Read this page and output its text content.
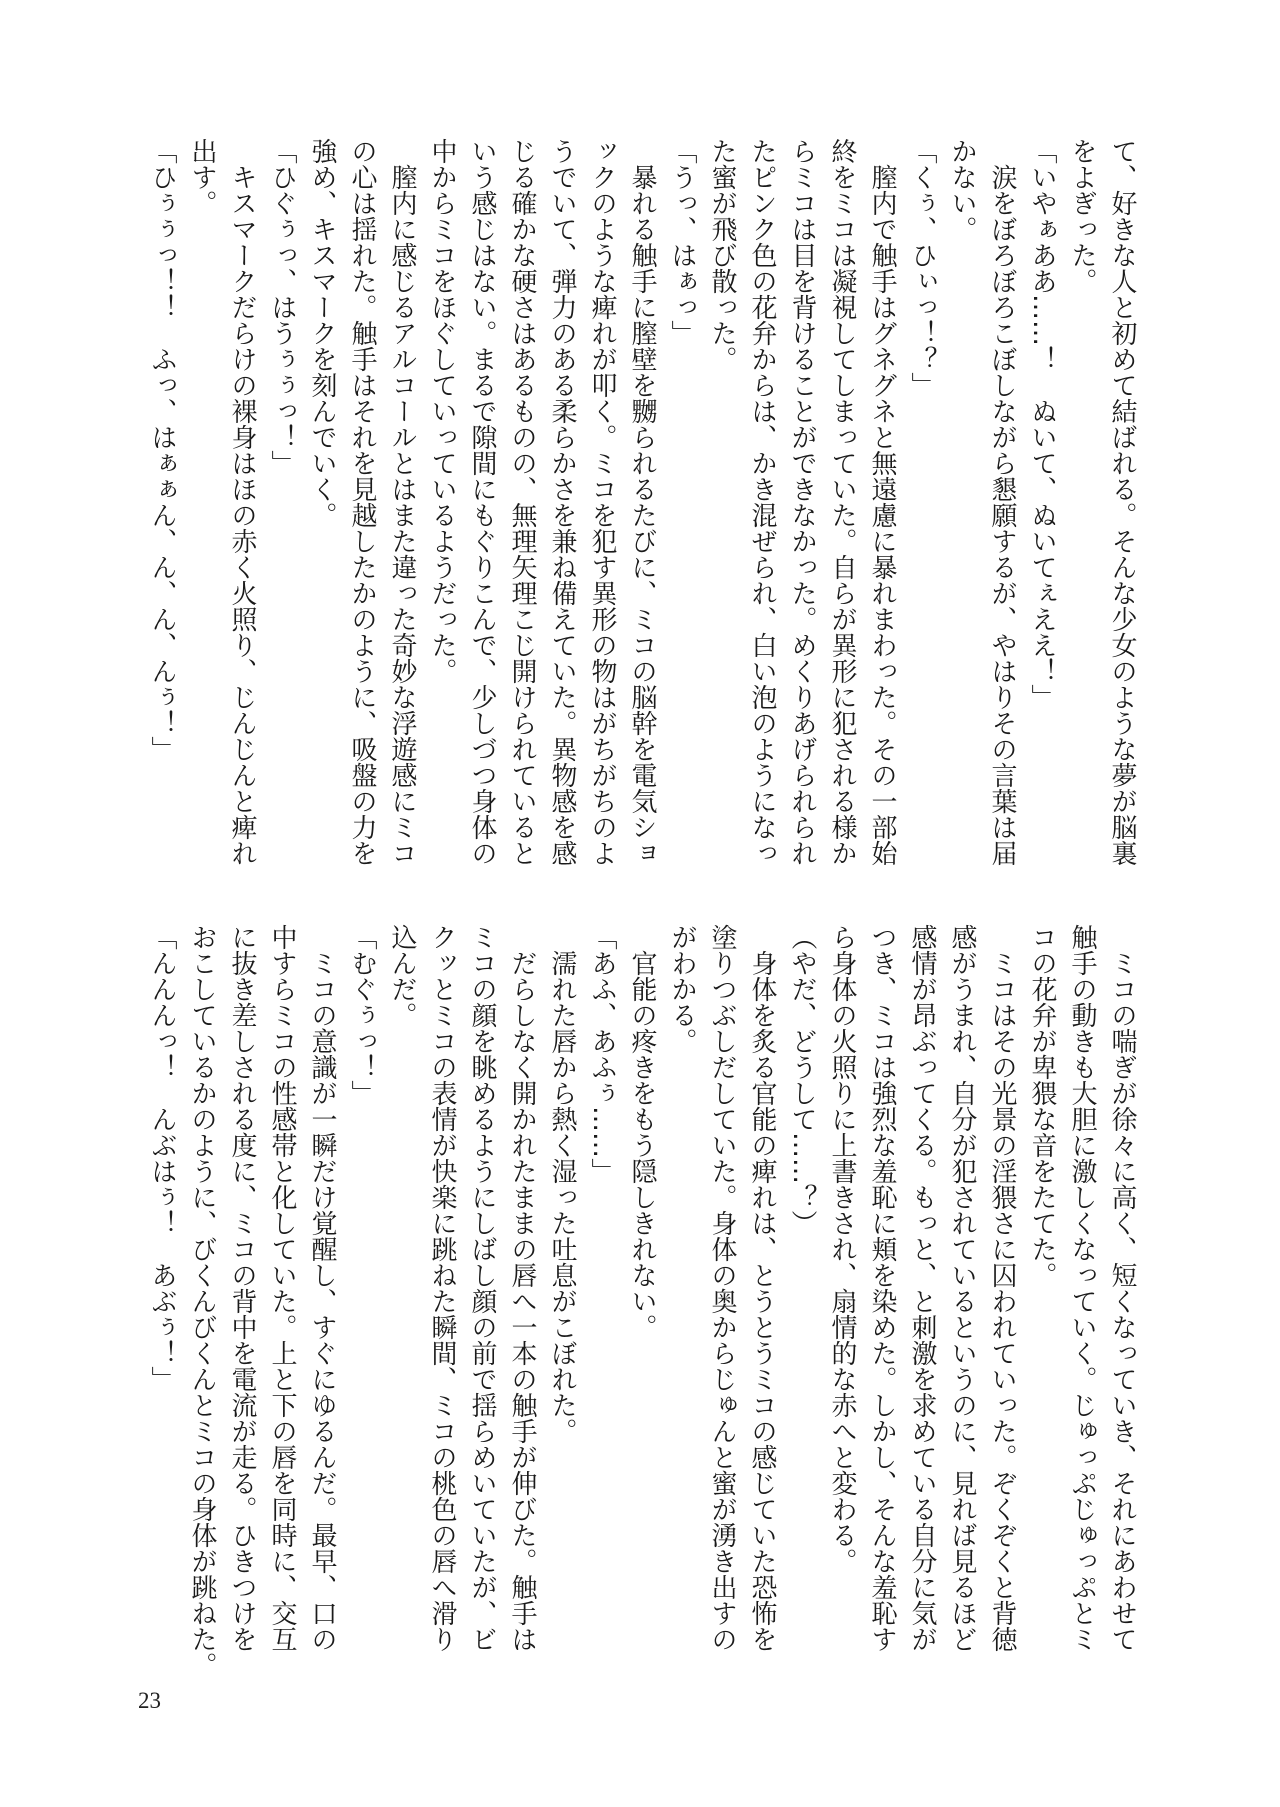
て、好きな人と初めて結ばれる。そんな少女のような夢が脳裏
をよぎった。
「いやぁああ……！　ぬいて、ぬいてぇええ！」
　涙をぼろぼろこぼしながら懇願するが、やはりその言葉は届
かない。
「くぅ、ひぃっ！？」
　膣内で触手はグネグネと無遠慮に暴れまわった。その一部始
終をミコは凝視してしまっていた。自らが異形に犯される様か
らミコは目を背けることができなかった。めくりあげられられ
たピンク色の花弁からは、かき混ぜられ、白い泡のようになっ
た蜜が飛び散った。
「うっ、はぁっ」
　暴れる触手に膣壁を嬲られるたびに、ミコの脳幹を電気ショ
ックのような痺れが叩く。ミコを犯す異形の物はがちがちのよ
うでいて、弾力のある柔らかさを兼ね備えていた。異物感を感
じる確かな硬さはあるものの、無理矢理こじ開けられていると
いう感じはない。まるで隙間にもぐりこんで、少しづつ身体の
中からミコをほぐしていっているようだった。
　膣内に感じるアルコールとはまた違った奇妙な浮遊感にミコ
の心は揺れた。触手はそれを見越したかのように、吸盤の力を
強め、キスマークを刻んでいく。
「ひぐぅっ、はうぅぅっ！」
　キスマークだらけの裸身はほの赤く火照り、じんじんと痺れ
出す。
「ひぅぅっ！！　ふっ、はぁぁん、ん、ん、んぅ！」
　ミコの喘ぎが徐々に高く、短くなっていき、それにあわせて
触手の動きも大胆に激しくなっていく。じゅっぷじゅっぷとミ
コの花弁が卑猥な音をたてた。
　ミコはその光景の淫猥さに囚われていった。ぞくぞくと背徳
感がうまれ、自分が犯されているというのに、見れば見るほど
感情が昂ぶってくる。もっと、と刺激を求めている自分に気が
つき、ミコは強烈な羞恥に頬を染めた。しかし、そんな羞恥す
ら身体の火照りに上書きされ、扇情的な赤へと変わる。
（やだ、どうして……？）
　身体を炙る官能の痺れは、とうとうミコの感じていた恐怖を
塗りつぶしだしていた。身体の奥からじゅんと蜜が湧き出すの
がわかる。
　官能の疼きをもう隠しきれない。
「あふ、あふぅ……」
　濡れた唇から熱く湿った吐息がこぼれた。
　だらしなく開かれたままの唇へ一本の触手が伸びた。触手は
ミコの顔を眺めるようにしばし顔の前で揺らめいていたが、ビ
クッとミコの表情が快楽に跳ねた瞬間、ミコの桃色の唇へ滑り
込んだ。
「むぐぅっ！」
　ミコの意識が一瞬だけ覚醒し、すぐにゆるんだ。最早、口の
中すらミコの性感帯と化していた。上と下の唇を同時に、交互
に抜き差しされる度に、ミコの背中を電流が走る。ひきつけを
おこしているかのように、びくんびくんとミコの身体が跳ねた。
「んんんっ！　んぶはぅ！　あぶぅ！」
23
